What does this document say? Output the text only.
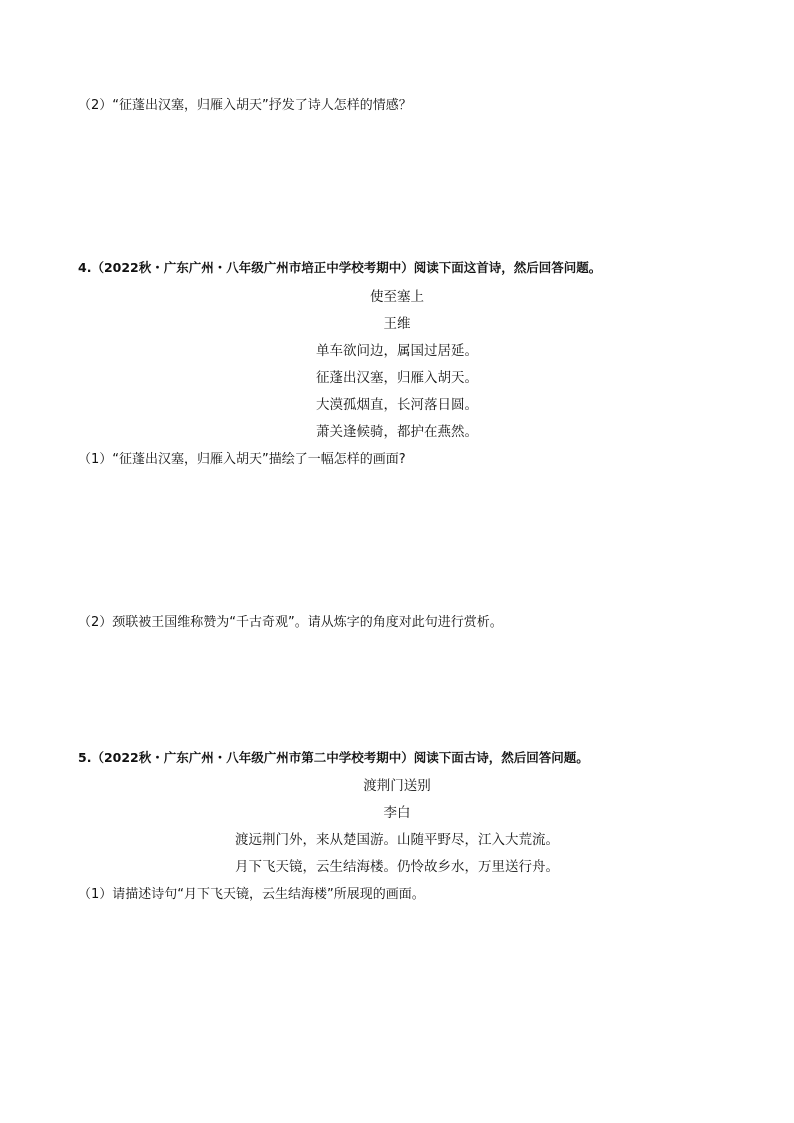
（2）“征蓬出汉塞，归雁入胡天”抒发了诗人怎样的情感？
4.（2022秋・广东广州・八年级广州市培正中学校考期中）阅读下面这首诗，然后回答问题。
使至塞上
王维
单车欲问边，属国过居延。
征蓬出汉塞，归雁入胡天。
大漠孤烟直，长河落日圆。
萧关逢候骑，都护在燕然。
（1）“征蓬出汉塞，归雁入胡天”描绘了一幅怎样的画面?
（2）颈联被王国维称赞为“千古奇观”。请从炼字的角度对此句进行赏析。
5.（2022秋・广东广州・八年级广州市第二中学校考期中）阅读下面古诗，然后回答问题。
渡荆门送别
李白
渡远荆门外，来从楚国游。山随平野尽，江入大荒流。
月下飞天镜，云生结海楼。仍怜故乡水，万里送行舟。
（1）请描述诗句“月下飞天镜，云生结海楼”所展现的画面。
